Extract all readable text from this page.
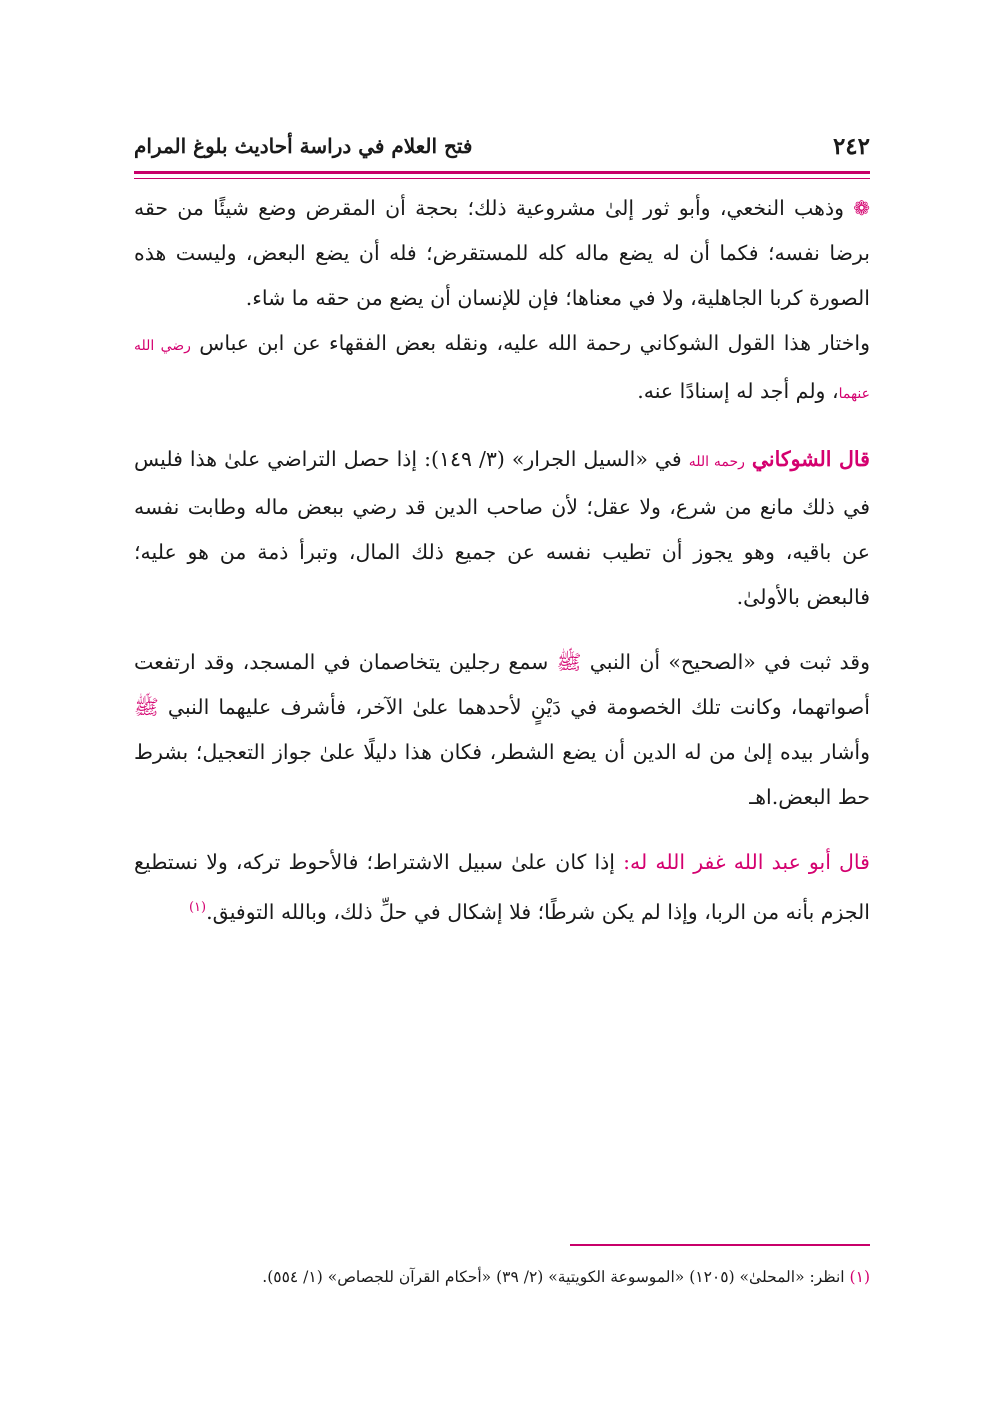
٢٤٢
فتح العلام في دراسة أحاديث بلوغ المرام

❁ وذهب النخعي، وأبو ثور إلىٰ مشروعية ذلك؛ بحجة أن المقرض وضع شيئًا من حقه برضا نفسه؛ فكما أن له يضع ماله كله للمستقرض؛ فله أن يضع البعض، وليست هذه الصورة كربا الجاهلية، ولا في معناها؛ فإن للإنسان أن يضع من حقه ما شاء.

واختار هذا القول الشوكاني رحمة الله عليه، ونقله بعض الفقهاء عن ابن عباس رضي الله عنهما، ولم أجد له إسنادًا عنه.

قال الشوكاني رحمه الله في «السيل الجرار» (٣/ ١٤٩): إذا حصل التراضي علىٰ هذا فليس في ذلك مانع من شرع، ولا عقل؛ لأن صاحب الدين قد رضي ببعض ماله وطابت نفسه عن باقيه، وهو يجوز أن تطيب نفسه عن جميع ذلك المال، وتبرأ ذمة من هو عليه؛ فالبعض بالأولىٰ.

وقد ثبت في «الصحيح» أن النبي ﷺ سمع رجلين يتخاصمان في المسجد، وقد ارتفعت أصواتهما، وكانت تلك الخصومة في دَيْنٍ لأحدهما علىٰ الآخر، فأشرف عليهما النبي ﷺ وأشار بيده إلىٰ من له الدين أن يضع الشطر، فكان هذا دليلًا علىٰ جواز التعجيل؛ بشرط حط البعض.اهـ

قال أبو عبد الله غفر الله له: إذا كان علىٰ سبيل الاشتراط؛ فالأحوط تركه، ولا نستطيع الجزم بأنه من الربا، وإذا لم يكن شرطًا؛ فلا إشكال في حلِّ ذلك، وبالله التوفيق.$^{(١)}$

(١) انظر: «المحلىٰ» (١٢٠٥) «الموسوعة الكويتية» (٢/ ٣٩) «أحكام القرآن للجصاص» (١/ ٥٥٤).
